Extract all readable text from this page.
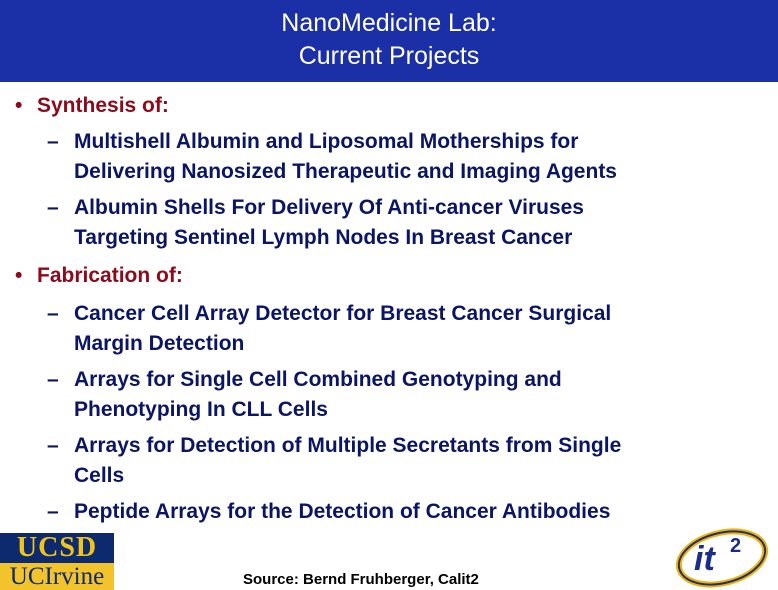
NanoMedicine Lab:
Current Projects
• Synthesis of:
– Multishell Albumin and Liposomal Motherships for
Delivering Nanosized Therapeutic and Imaging Agents
– Albumin Shells For Delivery Of Anti-cancer Viruses
Targeting Sentinel Lymph Nodes In Breast Cancer
• Fabrication of:
– Cancer Cell Array Detector for Breast Cancer Surgical
Margin Detection
– Arrays for Single Cell Combined Genotyping and
Phenotyping In CLL Cells
– Arrays for Detection of Multiple Secretants from Single
Cells
– Peptide Arrays for the Detection of Cancer Antibodies
UCSD
UCIrvine	Source: Bernd Fruhberger, Calit2
it 2
